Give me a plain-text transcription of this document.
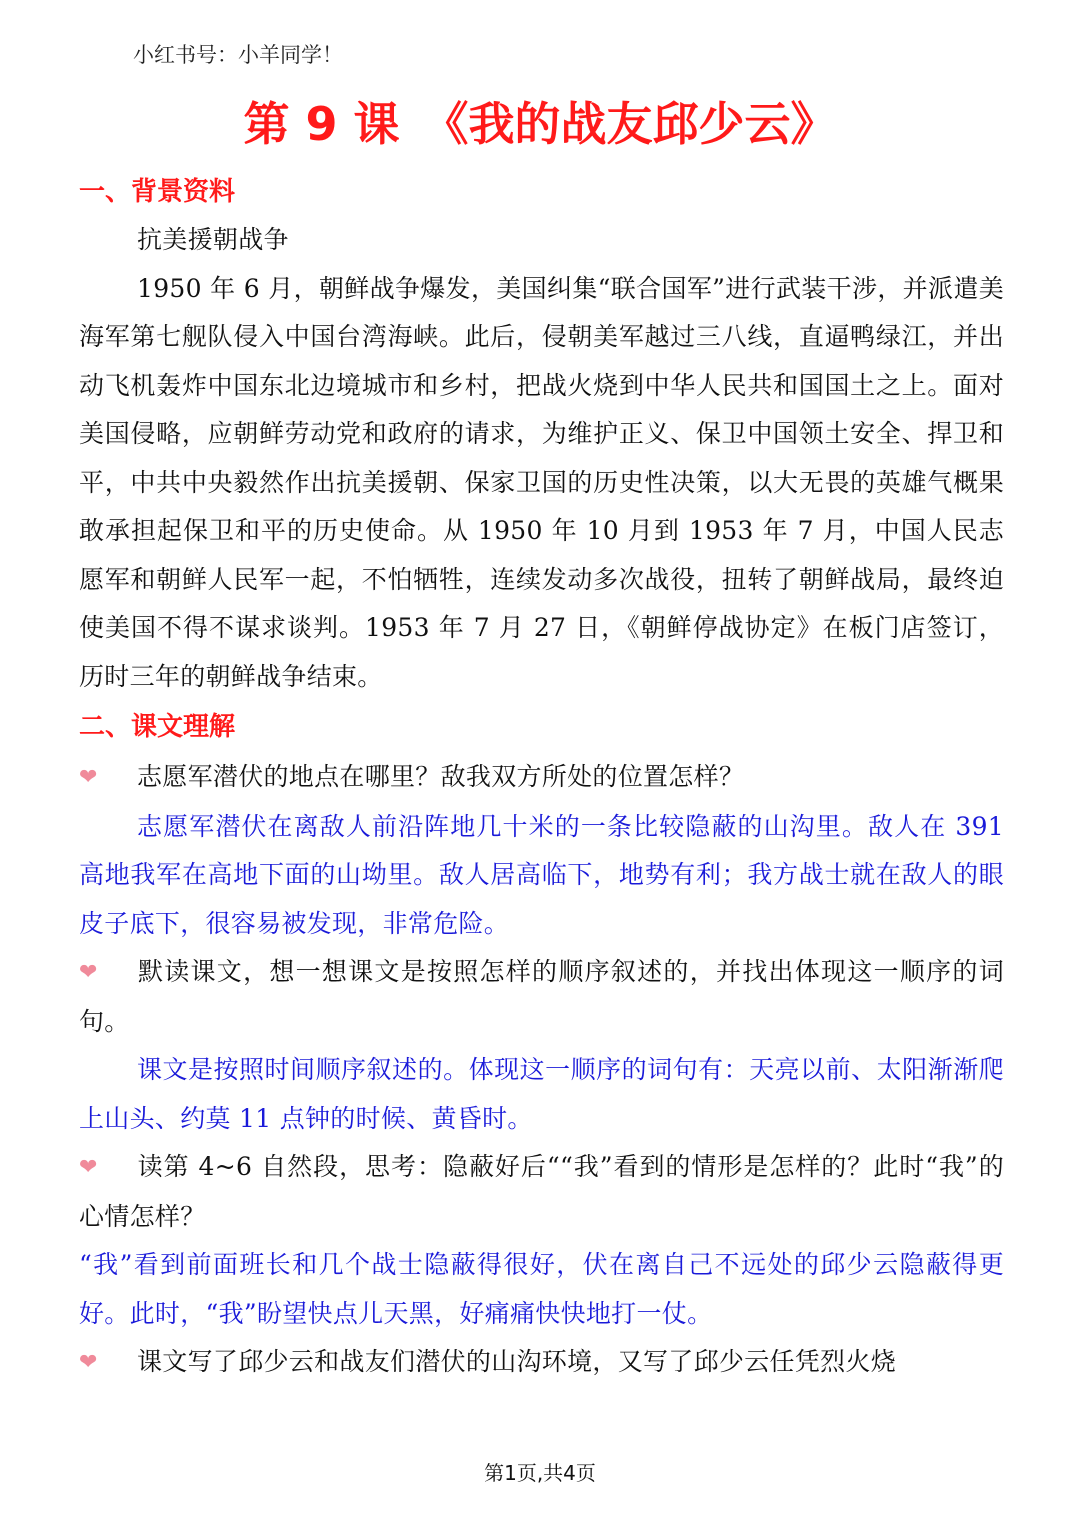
小红书号：小羊同学！
第 9 课　《我的战友邱少云》
一、背景资料

抗美援朝战争

1950 年 6 月，朝鲜战争爆发，美国纠集“联合国军”进行武装干涉，并派遣美海军第七舰队侵入中国台湾海峡。此后，侵朝美军越过三八线，直逼鸭绿江，并出动飞机轰炸中国东北边境城市和乡村，把战火烧到中华人民共和国国土之上。面对美国侵略，应朝鲜劳动党和政府的请求，为维护正义、保卫中国领土安全、捍卫和平，中共中央毅然作出抗美援朝、保家卫国的历史性决策，以大无畏的英雄气概果敢承担起保卫和平的历史使命。从 1950 年 10 月到 1953 年 7 月，中国人民志愿军和朝鲜人民军一起，不怕牺牲，连续发动多次战役，扭转了朝鲜战局，最终迫使美国不得不谋求谈判。1953 年 7 月 27 日，《朝鲜停战协定》在板门店签订，历时三年的朝鲜战争结束。

二、课文理解

❤ 志愿军潜伏的地点在哪里？敌我双方所处的位置怎样？

志愿军潜伏在离敌人前沿阵地几十米的一条比较隐蔽的山沟里。敌人在 391 高地我军在高地下面的山坳里。敌人居高临下，地势有利；我方战士就在敌人的眼皮子底下，很容易被发现，非常危险。

❤ 默读课文，想一想课文是按照怎样的顺序叙述的，并找出体现这一顺序的词句。

课文是按照时间顺序叙述的。体现这一顺序的词句有：天亮以前、太阳渐渐爬上山头、约莫 11 点钟的时候、黄昏时。

❤ 读第 4~6 自然段，思考：隐蔽好后““我”看到的情形是怎样的？此时“我”的心情怎样？

“我”看到前面班长和几个战士隐蔽得很好，伏在离自己不远处的邱少云隐蔽得更好。此时，“我”盼望快点儿天黑，好痛痛快快地打一仗。

❤ 课文写了邱少云和战友们潜伏的山沟环境，又写了邱少云任凭烈火烧

第1页,共4页
